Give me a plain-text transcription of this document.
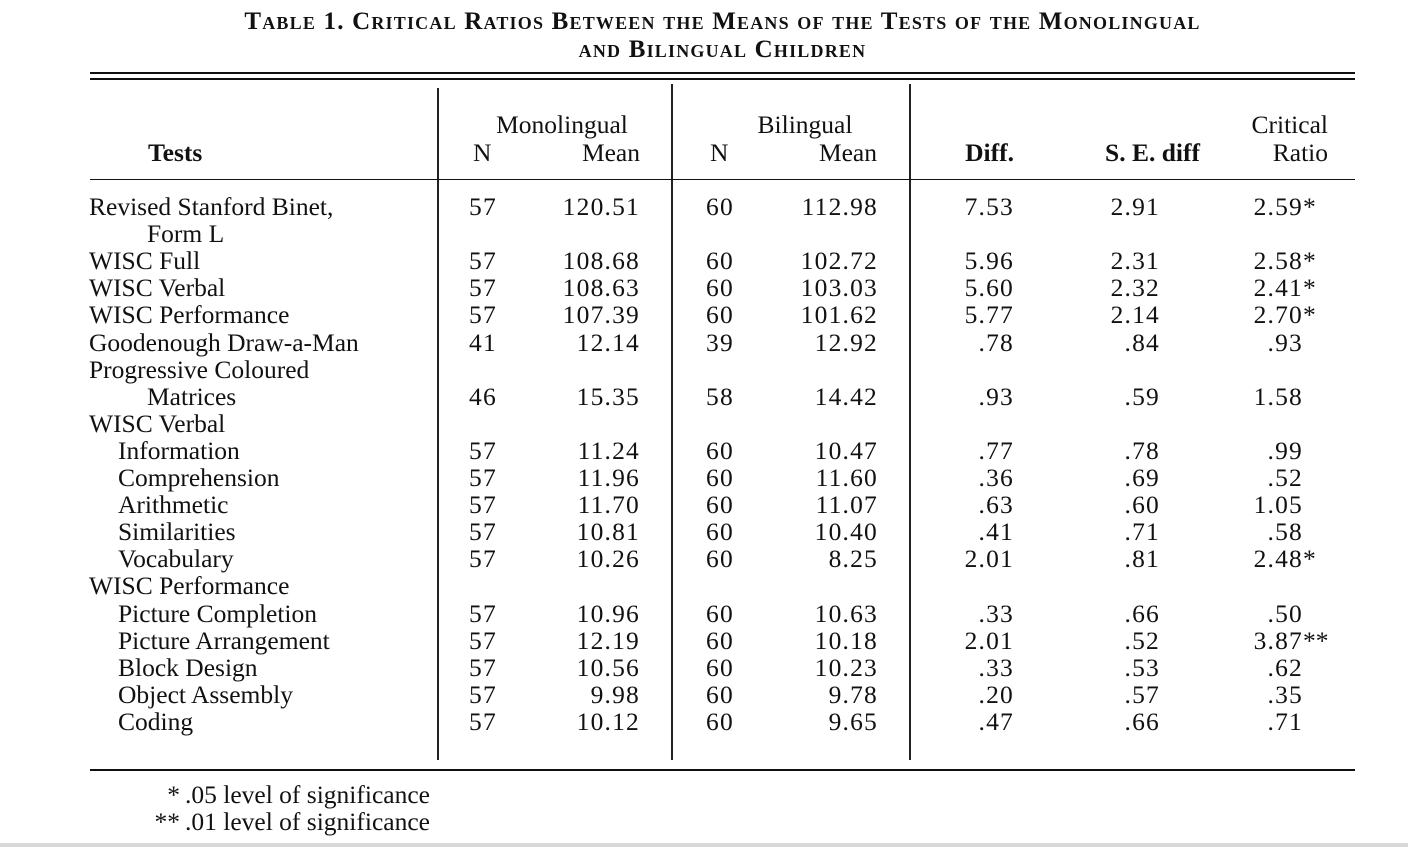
Table 1. Critical Ratios Between the Means of the Tests of the Monolingual
and Bilingual Children
Monolingual	Bilingual	Critical
Tests	N	Mean	N	Mean	Diff.	S. E. diff	Ratio
Revised Stanford Binet,	57	120.51	60	112.98	7.53	2.91	2.59 *
Form L
WISC Full	57	108.68	60	102.72	5.96	2.31	2.58 *
WISC Verbal	57	108.63	60	103.03	5.60	2.32	2.41 *
WISC Performance	57	107.39	60	101.62	5.77	2.14	2.70 *
Goodenough Draw-a-Man	41	12.14	39	12.92	.78	.84	.93
Progressive Coloured
Matrices	46	15.35	58	14.42	.93	.59	1.58
WISC Verbal
Information	57	11.24	60	10.47	.77	.78	.99
Comprehension	57	11.96	60	11.60	.36	.69	.52
Arithmetic	57	11.70	60	11.07	.63	.60	1.05
Similarities	57	10.81	60	10.40	.41	.71	.58
Vocabulary	57	10.26	60	8.25	2.01	.81	2.48 *
WISC Performance
Picture Completion	57	10.96	60	10.63	.33	.66	.50
Picture Arrangement	57	12.19	60	10.18	2.01	.52	3.87 **
Block Design	57	10.56	60	10.23	.33	.53	.62
Object Assembly	57	9.98	60	9.78	.20	.57	.35
Coding	57	10.12	60	9.65	.47	.66	.71
* .05 level of significance
** .01 level of significance
